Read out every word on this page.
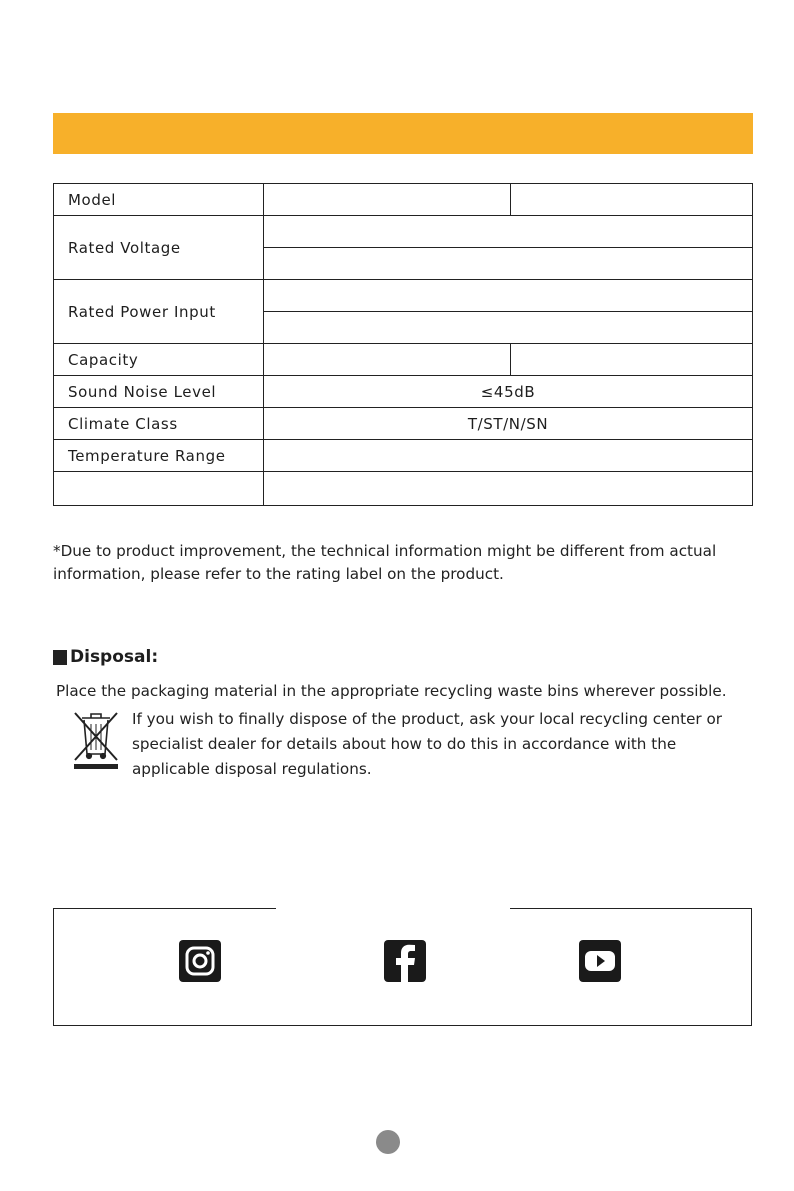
Model		
Rated Voltage		

Rated Power Input		

Capacity		
Sound Noise Level	≤45dB	
Climate Class	T/ST/N/SN	
Temperature Range		

*Due to product improvement, the technical information might be different from actual information, please refer to the rating label on the product.
Disposal:
Place the packaging material in the appropriate recycling waste bins wherever possible.
If you wish to finally dispose of the product, ask your local recycling center or specialist dealer for details about how to do this in accordance with the applicable disposal regulations.
